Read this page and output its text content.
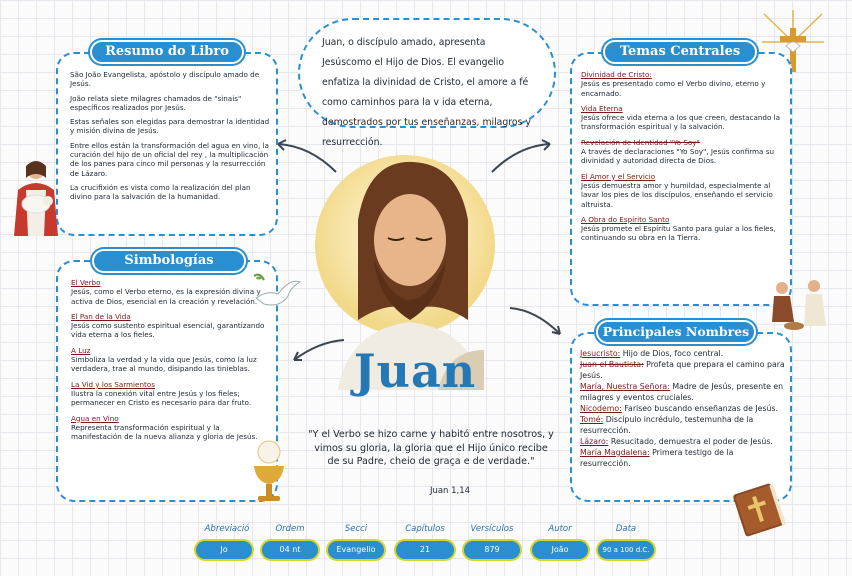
São João Evangelista, apóstolo y discípulo amado de Jesús.

João relata siete milagres chamados de "sinais" específicos realizados por Jesús.

Estas señales son elegidas para demostrar la identidad y misión divina de Jesús.

Entre ellos están la transformación del agua en vino, la curación del hijo de un oficial del rey , la multiplicación de los panes para cinco mil personas y la resurrección de Lázaro.

La crucifixión es vista como la realización del plan divino para la salvación de la humanidad.

Resumo do Libro
Juan, o discípulo amado, apresenta Jesúscomo el Hijo de Dios. El evangelio enfatiza la divinidad de Cristo, el amore a fé como caminhos para la v ida eterna, demostrados por tus enseñanzas, milagros y resurrección.
Divinidad de Cristo:
Jesús es presentado como el Verbo divino, eterno y encarnado.
Vida Eterna
Jesús ofrece vida eterna a los que creen, destacando la transformación espiritual y la salvación.
Revelación de Identidad "Yo Soy"
A través de declaraciones "Yo Soy", Jesús confirma su divinidad y autoridad directa de Dios.
El Amor y el Servicio
Jesús demuestra amor y humildad, especialmente al lavar los pies de los discípulos, enseñando el servicio altruista.
A Obra do Espírito Santo
Jesús promete el Espíritu Santo para guiar a los fieles, continuando su obra en la Tierra.
Temas Centrales
El Verbo
Jesús, como el Verbo eterno, es la expresión divina y activa de Dios, esencial en la creación y revelación.
El Pan de la Vida
Jesús como sustento espiritual esencial, garantizando vida eterna a los fieles.
A Luz
Simboliza la verdad y la vida que Jesús, como la luz verdadera, trae al mundo, disipando las tinieblas.
La Vid y los Sarmientos
Ilustra la conexión vital entre Jesús y los fieles; permanecer en Cristo es necesario para dar fruto.
Agua en Vino
Representa transformación espiritual y la manifestación de la nueva alianza y gloria de Jesús.
Simbologías
Jesucristo: Hijo de Dios, foco central.
Juan el Bautista: Profeta que prepara el camino para Jesús.
María, Nuestra Señora: Madre de Jesús, presente en milagres y eventos cruciales.
Nicodemo: Fariseo buscando enseñanzas de Jesús.
Tomé: Discípulo incrédulo, testemunha de la resurrección.
Lázaro: Resucitado, demuestra el poder de Jesús.
María Magdalena: Primera testigo de la resurrección.
Principales Nombres
Juan
"Y el Verbo se hizo carne y habitó entre nosotros, y vimos su gloria, la gloria que el Hijo único recibe de su Padre, cheio de graça e de verdade."
Juan 1,14
Abreviació
Jo
Ordem
04 nt
Secci
Evangelio
Capítulos
21
Versículos
879
Autor
João
Data
90 a 100 d.C.
